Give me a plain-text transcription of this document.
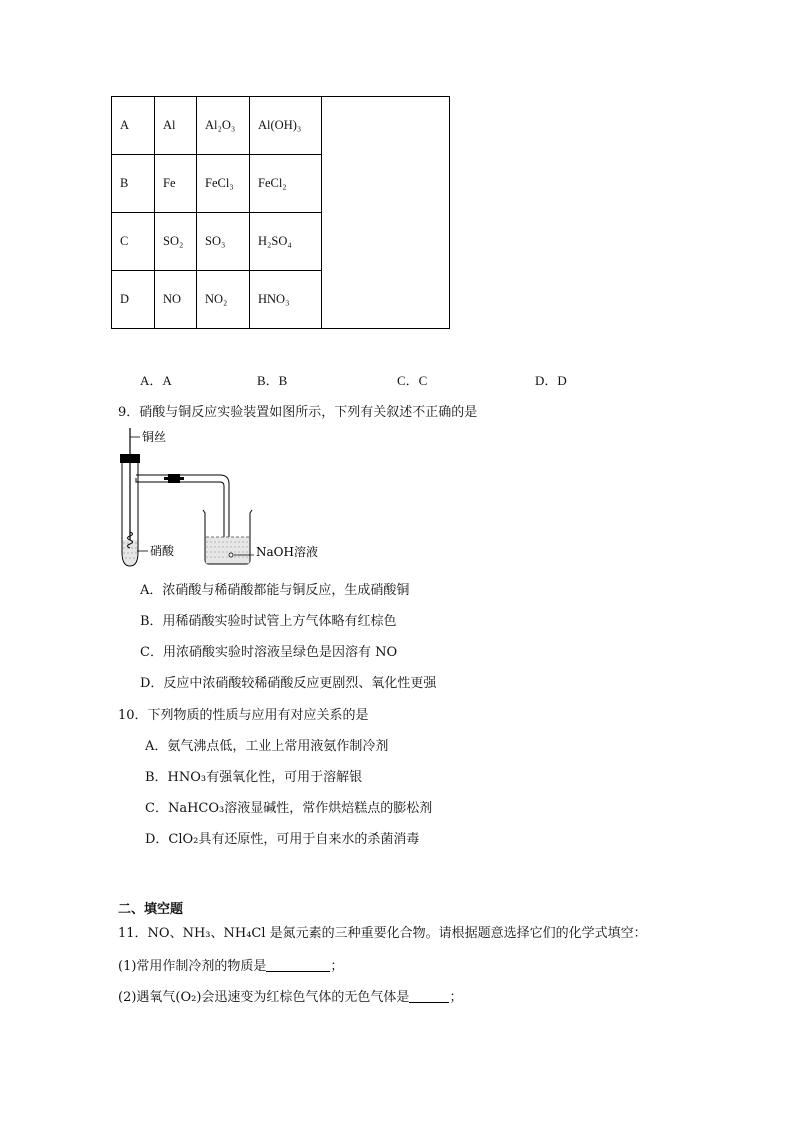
A	Al	Al₂O₃	Al(OH)₃	
B	Fe	FeCl₃	FeCl₂	
C	SO₂	SO₃	H₂SO₄	
D	NO	NO₂	HNO₃	
A．A	B．B	C．C	D．D
9．硝酸与铜反应实验装置如图所示，下列有关叙述不正确的是
铜丝
硝酸	NaOH溶液
A．浓硝酸与稀硝酸都能与铜反应，生成硝酸铜
B．用稀硝酸实验时试管上方气体略有红棕色
C．用浓硝酸实验时溶液呈绿色是因溶有 NO
D．反应中浓硝酸较稀硝酸反应更剧烈、氧化性更强
10．下列物质的性质与应用有对应关系的是
A．氨气沸点低，工业上常用液氨作制冷剂
B．HNO₃有强氧化性，可用于溶解银
C．NaHCO₃溶液显碱性，常作烘焙糕点的膨松剂
D．ClO₂具有还原性，可用于自来水的杀菌消毒
二、填空题
11．NO、NH₃、NH₄Cl 是氮元素的三种重要化合物。请根据题意选择它们的化学式填空：
(1)常用作制冷剂的物质是	；
(2)遇氧气(O₂)会迅速变为红棕色气体的无色气体是	；
